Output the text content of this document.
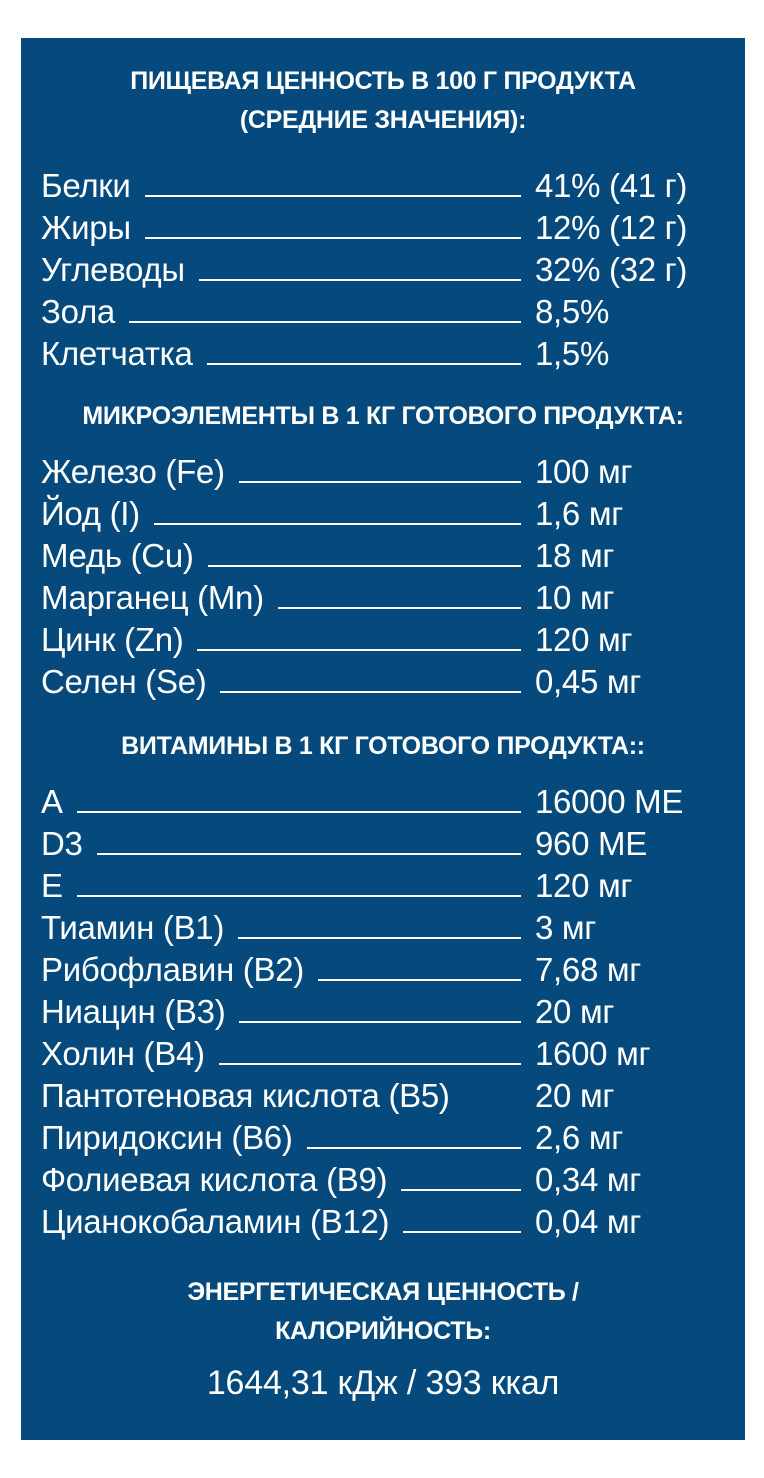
ПИЩЕВАЯ ЦЕННОСТЬ В 100 Г ПРОДУКТА
(СРЕДНИЕ ЗНАЧЕНИЯ):
Белки	41% (41 г)
Жиры	12% (12 г)
Углеводы	32% (32 г)
Зола	8,5%
Клетчатка	1,5%
МИКРОЭЛЕМЕНТЫ В 1 КГ ГОТОВОГО ПРОДУКТА:
Железо (Fe)	100 мг
Йод (I)	1,6 мг
Медь (Cu)	18 мг
Марганец (Mn)	10 мг
Цинк (Zn)	120 мг
Селен (Se)	0,45 мг
ВИТАМИНЫ В 1 КГ ГОТОВОГО ПРОДУКТА::
A	16000 МЕ
D3	960 МЕ
E	120 мг
Тиамин (B1)	3 мг
Рибофлавин (B2)	7,68 мг
Ниацин (B3)	20 мг
Холин (B4)	1600 мг
Пантотеновая кислота (B5)	20 мг
Пиридоксин (B6)	2,6 мг
Фолиевая кислота (B9)	0,34 мг
Цианокобаламин (B12)	0,04 мг
ЭНЕРГЕТИЧЕСКАЯ ЦЕННОСТЬ /
КАЛОРИЙНОСТЬ:
1644,31 кДж / 393 ккал
